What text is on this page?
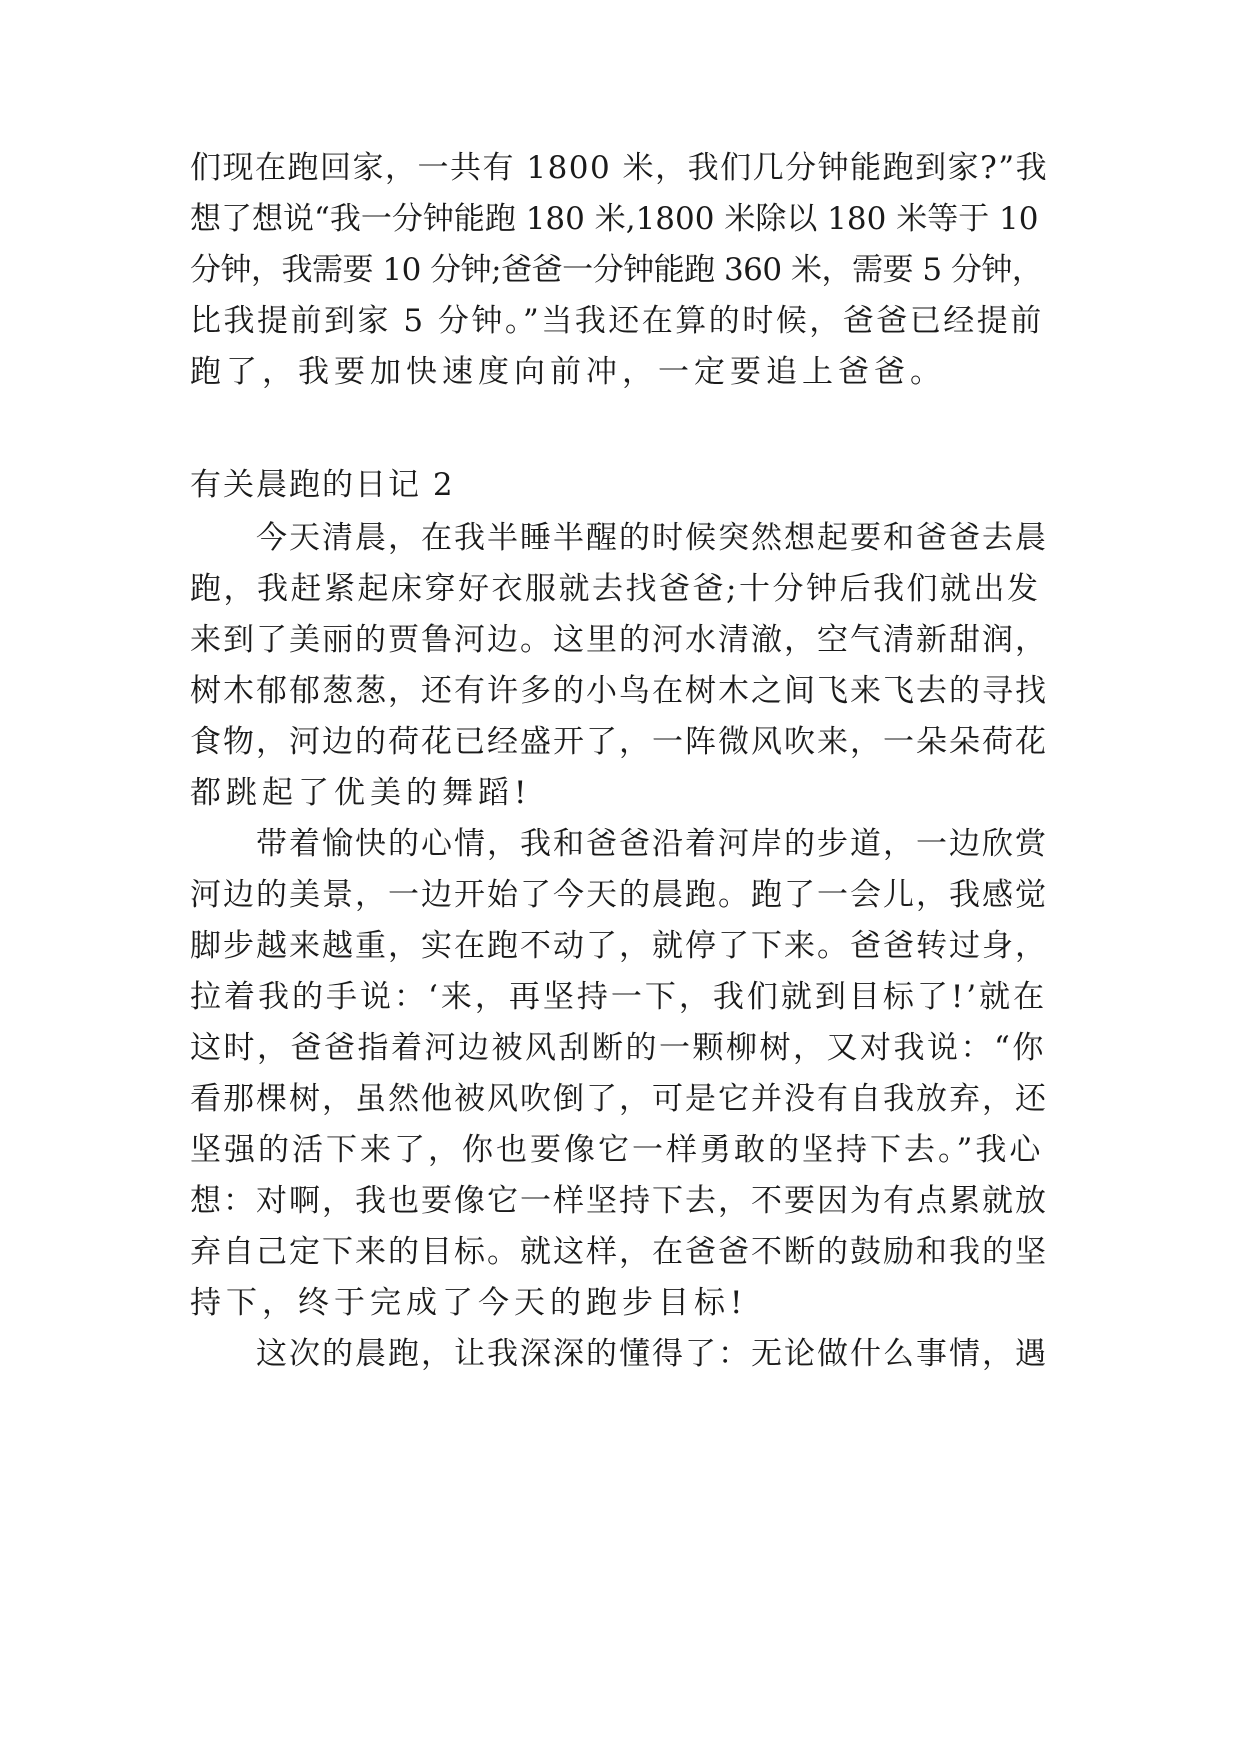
们现在跑回家，一共有 1800 米，我们几分钟能跑到家?”我
想了想说“我一分钟能跑 180 米,1800 米除以 180 米等于 10
分钟，我需要 10 分钟;爸爸一分钟能跑 360 米，需要 5 分钟，
比我提前到家 5 分钟。”当我还在算的时候，爸爸已经提前
跑了，我要加快速度向前冲，一定要追上爸爸。
有关晨跑的日记 2
今天清晨，在我半睡半醒的时候突然想起要和爸爸去晨
跑，我赶紧起床穿好衣服就去找爸爸;十分钟后我们就出发
来到了美丽的贾鲁河边。这里的河水清澈，空气清新甜润，
树木郁郁葱葱，还有许多的小鸟在树木之间飞来飞去的寻找
食物，河边的荷花已经盛开了，一阵微风吹来，一朵朵荷花
都跳起了优美的舞蹈!
带着愉快的心情，我和爸爸沿着河岸的步道，一边欣赏
河边的美景，一边开始了今天的晨跑。跑了一会儿，我感觉
脚步越来越重，实在跑不动了，就停了下来。爸爸转过身，
拉着我的手说：‘来，再坚持一下，我们就到目标了!’就在
这时，爸爸指着河边被风刮断的一颗柳树，又对我说：“你
看那棵树，虽然他被风吹倒了，可是它并没有自我放弃，还
坚强的活下来了，你也要像它一样勇敢的坚持下去。”我心
想：对啊，我也要像它一样坚持下去，不要因为有点累就放
弃自己定下来的目标。就这样，在爸爸不断的鼓励和我的坚
持下，终于完成了今天的跑步目标!
这次的晨跑，让我深深的懂得了：无论做什么事情，遇
